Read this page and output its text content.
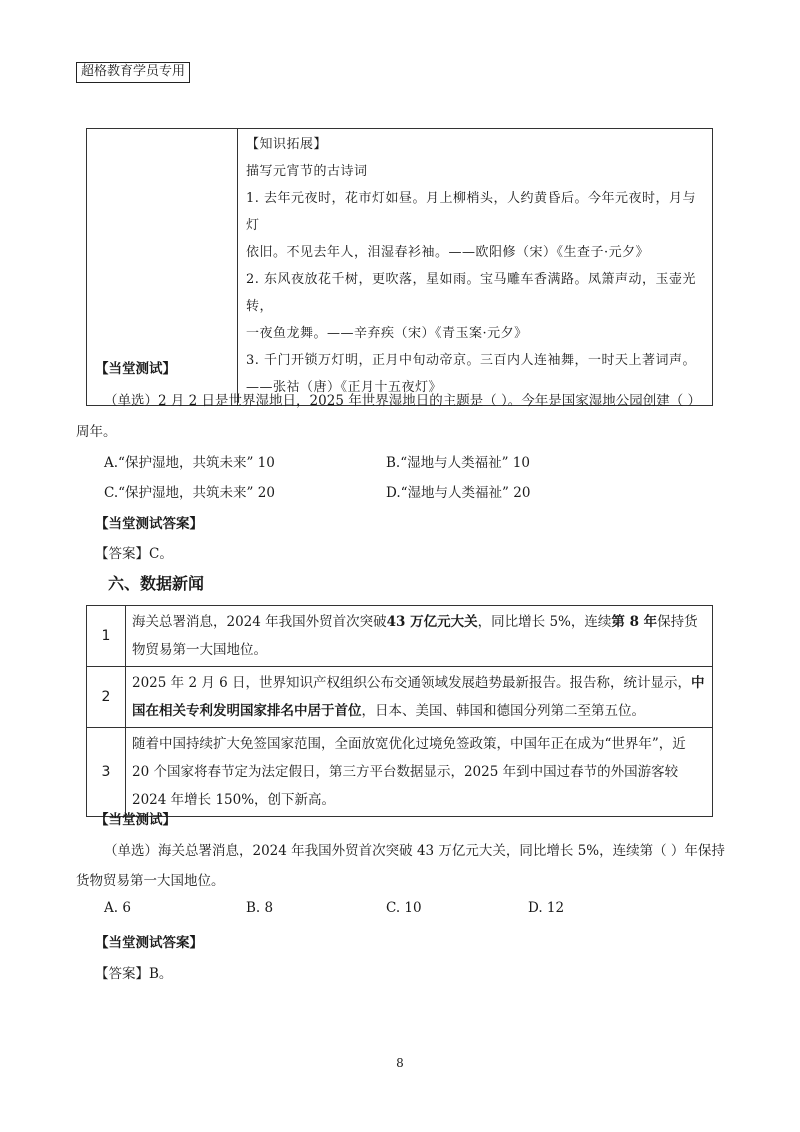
超格教育学员专用

【知识拓展】
描写元宵节的古诗词
1. 去年元夜时，花市灯如昼。月上柳梢头，人约黄昏后。今年元夜时，月与灯
依旧。不见去年人，泪湿春衫袖。——欧阳修（宋）《生查子·元夕》
2. 东风夜放花千树，更吹落，星如雨。宝马雕车香满路。凤箫声动，玉壶光转，
一夜鱼龙舞。——辛弃疾（宋）《青玉案·元夕》
3. 千门开锁万灯明，正月中旬动帝京。三百内人连袖舞，一时天上著词声。
——张祜（唐）《正月十五夜灯》
【当堂测试】
（单选）2 月 2 日是世界湿地日，2025 年世界湿地日的主题是（ ）。今年是国家湿地公园创建（ ）
周年。
A.“保护湿地，共筑未来” 10	B.“湿地与人类福祉” 10
C.“保护湿地，共筑未来” 20	D.“湿地与人类福祉” 20
【当堂测试答案】
【答案】C。
六、数据新闻
1	海关总署消息，2024 年我国外贸首次突破43 万亿元大关，同比增长 5%，连续第 8 年保持货物贸易第一大国地位。
2	2025 年 2 月 6 日，世界知识产权组织公布交通领域发展趋势最新报告。报告称，统计显示，中国在相关专利发明国家排名中居于首位，日本、美国、韩国和德国分列第二至第五位。
3	随着中国持续扩大免签国家范围，全面放宽优化过境免签政策，中国年正在成为“世界年”，近 20 个国家将春节定为法定假日，第三方平台数据显示，2025 年到中国过春节的外国游客较 2024 年增长 150%，创下新高。
【当堂测试】
（单选）海关总署消息，2024 年我国外贸首次突破 43 万亿元大关，同比增长 5%，连续第（ ）年保持
货物贸易第一大国地位。
A. 6	B. 8	C. 10	D. 12
【当堂测试答案】
【答案】B。
8
